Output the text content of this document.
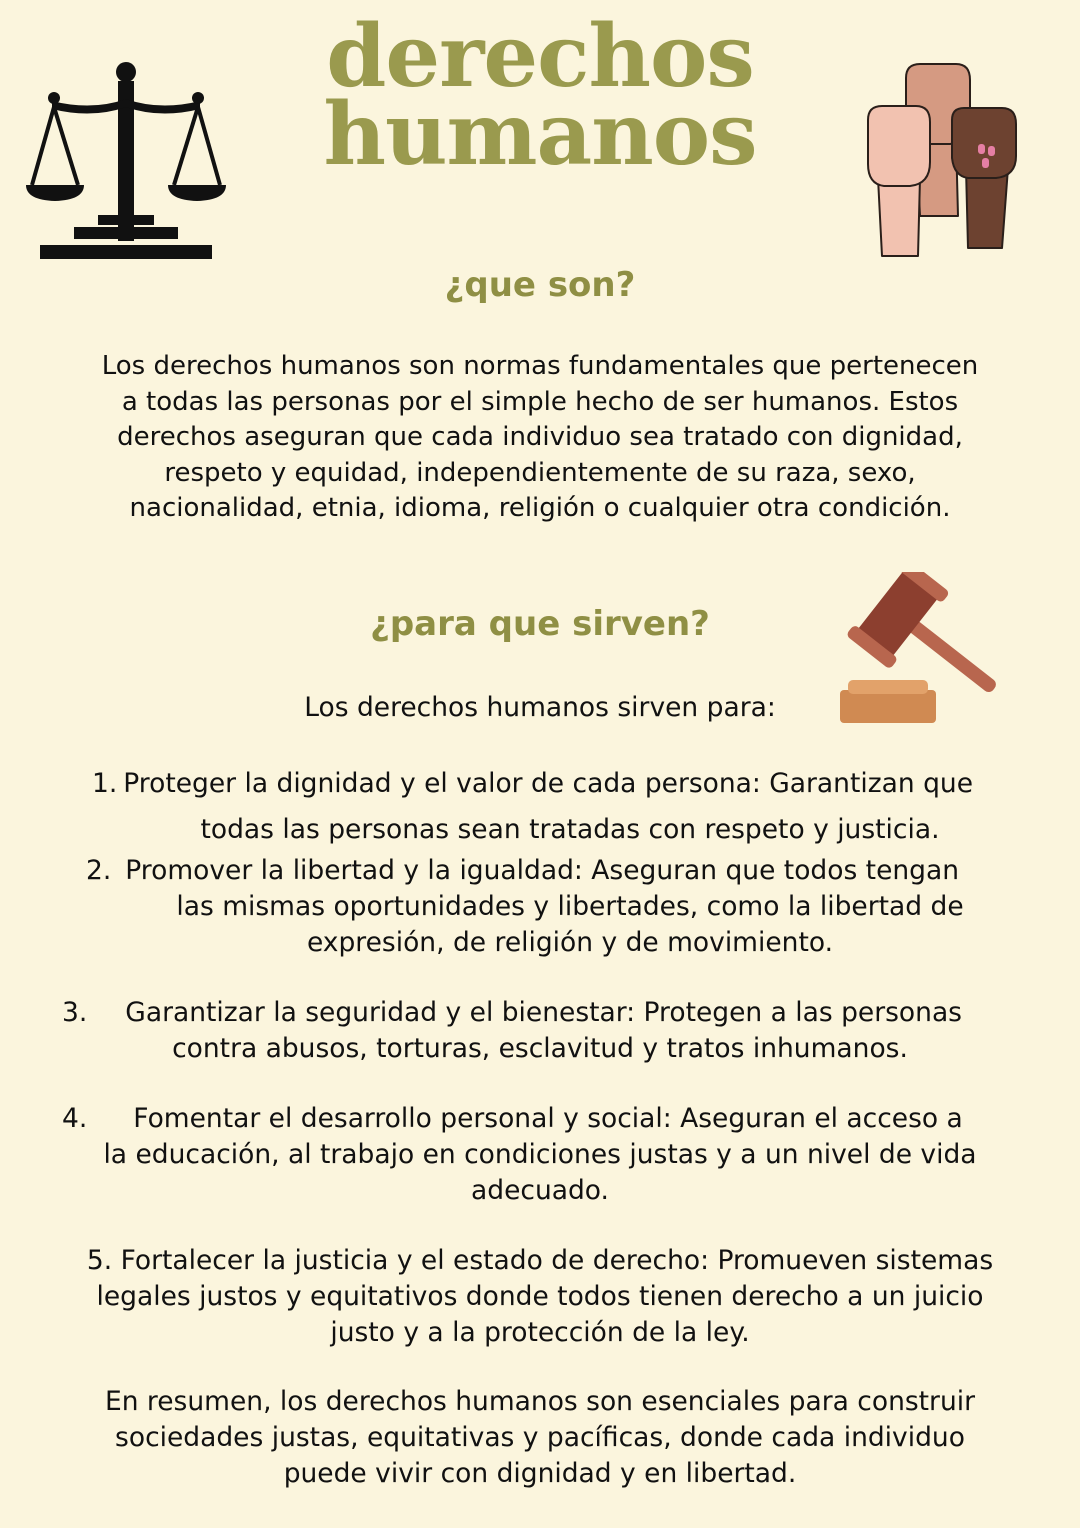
derechos
humanos
¿que son?
Los derechos humanos son normas fundamentales que pertenecen a todas las personas por el simple hecho de ser humanos. Estos derechos aseguran que cada individuo sea tratado con dignidad, respeto y equidad, independientemente de su raza, sexo, nacionalidad, etnia, idioma, religión o cualquier otra condición.
¿para que sirven?
Los derechos humanos sirven para:
1. Proteger la dignidad y el valor de cada persona: Garantizan que
todas las personas sean tratadas con respeto y justicia.
2. Promover la libertad y la igualdad: Aseguran que todos tengan
las mismas oportunidades y libertades, como la libertad de expresión, de religión y de movimiento.
3. Garantizar la seguridad y el bienestar: Protegen a las personas
contra abusos, torturas, esclavitud y tratos inhumanos.
4. Fomentar el desarrollo personal y social: Aseguran el acceso a
la educación, al trabajo en condiciones justas y a un nivel de vida adecuado.
5. Fortalecer la justicia y el estado de derecho: Promueven sistemas legales justos y equitativos donde todos tienen derecho a un juicio justo y a la protección de la ley.
En resumen, los derechos humanos son esenciales para construir sociedades justas, equitativas y pacíficas, donde cada individuo puede vivir con dignidad y en libertad.
